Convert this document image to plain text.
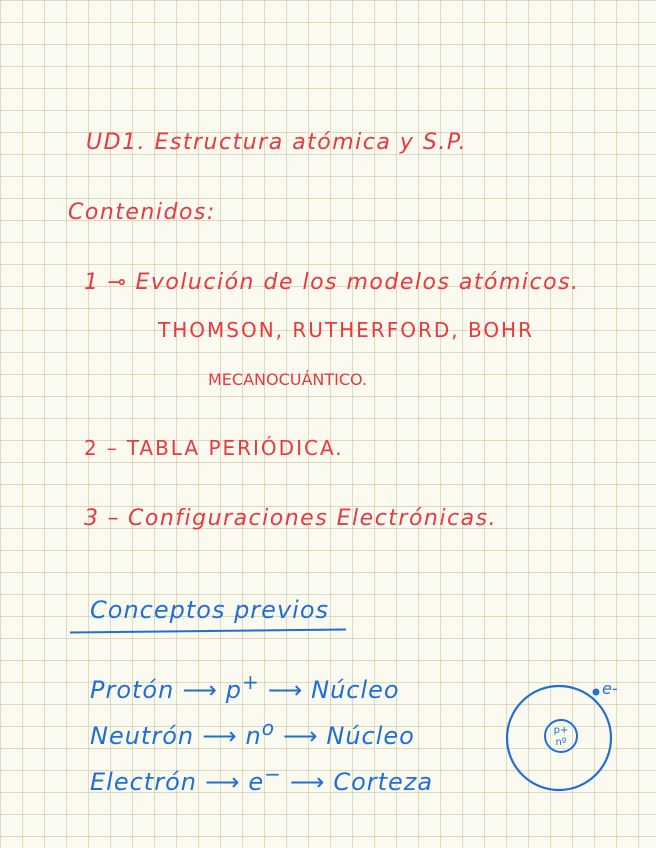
UD1. Estructura atómica y S.P.
Contenidos:
1 ⊸ Evolución de los modelos atómicos.
THOMSON, RUTHERFORD, BOHR
MECANOCUÁNTICO.
2 – TABLA PERIÓDICA.
3 – Configuraciones Electrónicas.
Conceptos previos
Protón ⟶ p+ ⟶ Núcleo
Neutrón ⟶ $n^o$ ⟶ Núcleo
Electrón ⟶ e− ⟶ Corteza
e-
p+
nº
